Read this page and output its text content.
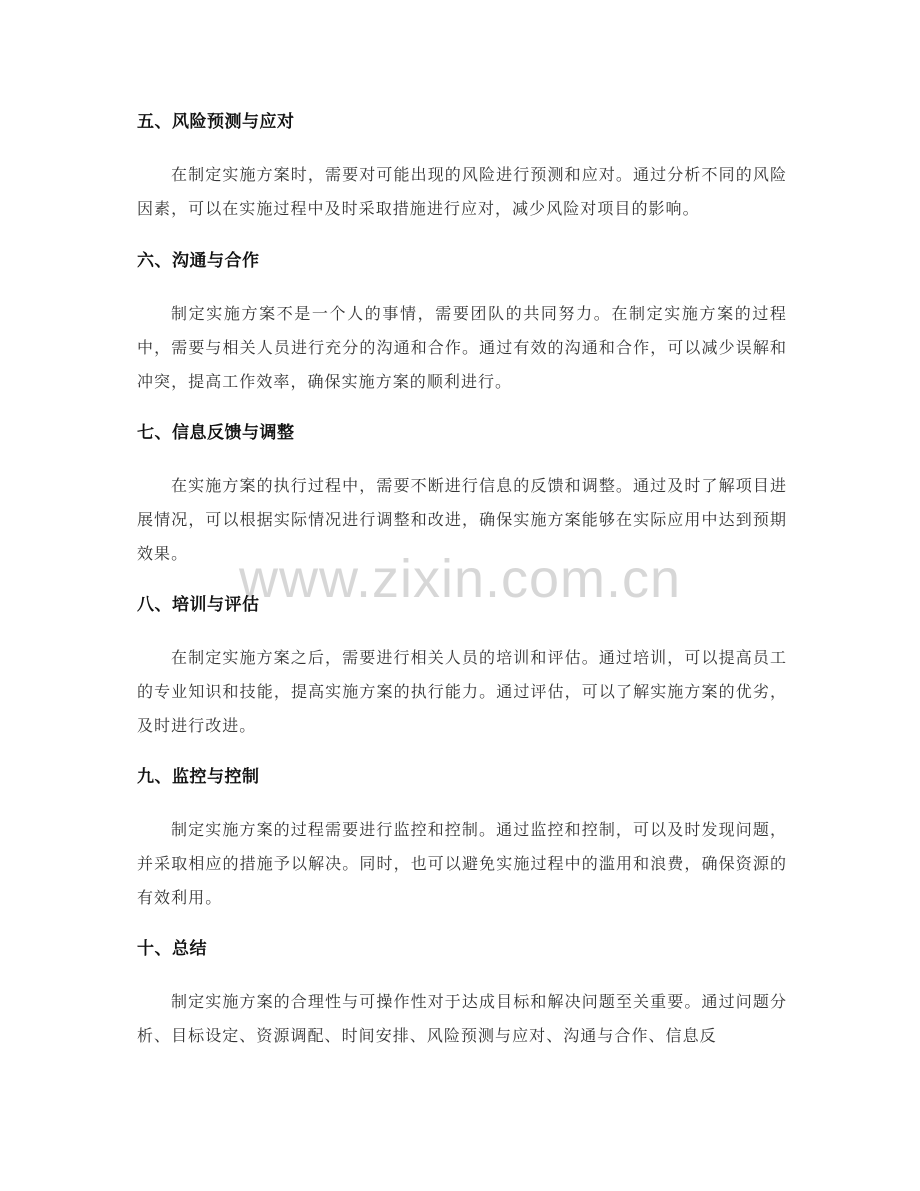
www.zixin.com.cn
五、风险预测与应对

在制定实施方案时，需要对可能出现的风险进行预测和应对。通过分析不同的风险因素，可以在实施过程中及时采取措施进行应对，减少风险对项目的影响。

六、沟通与合作

制定实施方案不是一个人的事情，需要团队的共同努力。在制定实施方案的过程中，需要与相关人员进行充分的沟通和合作。通过有效的沟通和合作，可以减少误解和冲突，提高工作效率，确保实施方案的顺利进行。

七、信息反馈与调整

在实施方案的执行过程中，需要不断进行信息的反馈和调整。通过及时了解项目进展情况，可以根据实际情况进行调整和改进，确保实施方案能够在实际应用中达到预期效果。

八、培训与评估

在制定实施方案之后，需要进行相关人员的培训和评估。通过培训，可以提高员工的专业知识和技能，提高实施方案的执行能力。通过评估，可以了解实施方案的优劣，及时进行改进。

九、监控与控制

制定实施方案的过程需要进行监控和控制。通过监控和控制，可以及时发现问题，并采取相应的措施予以解决。同时，也可以避免实施过程中的滥用和浪费，确保资源的有效利用。

十、总结

制定实施方案的合理性与可操作性对于达成目标和解决问题至关重要。通过问题分析、目标设定、资源调配、时间安排、风险预测与应对、沟通与合作、信息反
